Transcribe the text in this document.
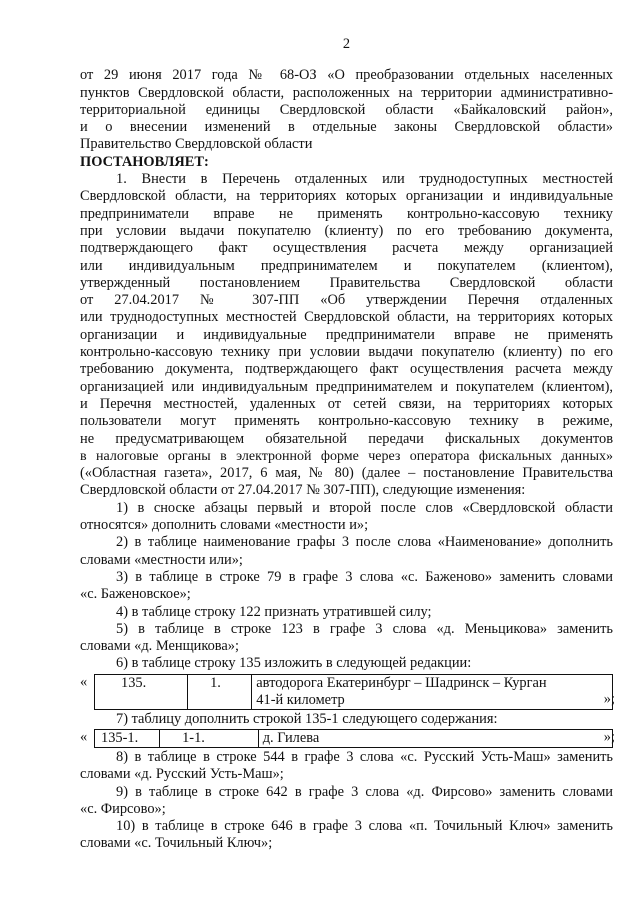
2

от 29 июня 2017 года № 68-ОЗ «О преобразовании отдельных населенных

пунктов Свердловской области, расположенных на территории административно-

территориальной единицы Свердловской области «Байкаловский район»,

и о внесении изменений в отдельные законы Свердловской области»

Правительство Свердловской области

ПОСТАНОВЛЯЕТ:

1. Внести в Перечень отдаленных или труднодоступных местностей

Свердловской области, на территориях которых организации и индивидуальные

предприниматели вправе не применять контрольно-кассовую технику

при условии выдачи покупателю (клиенту) по его требованию документа,

подтверждающего факт осуществления расчета между организацией

или индивидуальным предпринимателем и покупателем (клиентом),

утвержденный постановлением Правительства Свердловской области

от 27.04.2017 № 307-ПП «Об утверждении Перечня отдаленных

или труднодоступных местностей Свердловской области, на территориях которых

организации и индивидуальные предприниматели вправе не применять

контрольно-кассовую технику при условии выдачи покупателю (клиенту) по его

требованию документа, подтверждающего факт осуществления расчета между

организацией или индивидуальным предпринимателем и покупателем (клиентом),

и Перечня местностей, удаленных от сетей связи, на территориях которых

пользователи могут применять контрольно-кассовую технику в режиме,

не предусматривающем обязательной передачи фискальных документов

в налоговые органы в электронной форме через оператора фискальных данных»

(«Областная газета», 2017, 6 мая, № 80) (далее – постановление Правительства

Свердловской области от 27.04.2017 № 307-ПП), следующие изменения:

1) в сноске абзацы первый и второй после слов «Свердловской области

относятся» дополнить словами «местности и»;

2) в таблице наименование графы 3 после слова «Наименование» дополнить

словами «местности или»;

3) в таблице в строке 79 в графе 3 слова «с. Баженово» заменить словами

«с. Баженовское»;

4) в таблице строку 122 признать утратившей силу;

5) в таблице в строке 123 в графе 3 слова «д. Меньцикова» заменить

словами «д. Менщикова»;

6) в таблице строку 135 изложить в следующей редакции:

« 135.	1.	автодорога Екатеринбург – Шадринск – Курган
41-й километр	»;

7) таблицу дополнить строкой 135-1 следующего содержания:

« 135-1.	1-1.	д. Гилева	»;

8) в таблице в строке 544 в графе 3 слова «с. Русский Усть-Маш» заменить

словами «д. Русский Усть-Маш»;

9) в таблице в строке 642 в графе 3 слова «д. Фирсово» заменить словами

«с. Фирсово»;

10) в таблице в строке 646 в графе 3 слова «п. Точильный Ключ» заменить

словами «с. Точильный Ключ»;
